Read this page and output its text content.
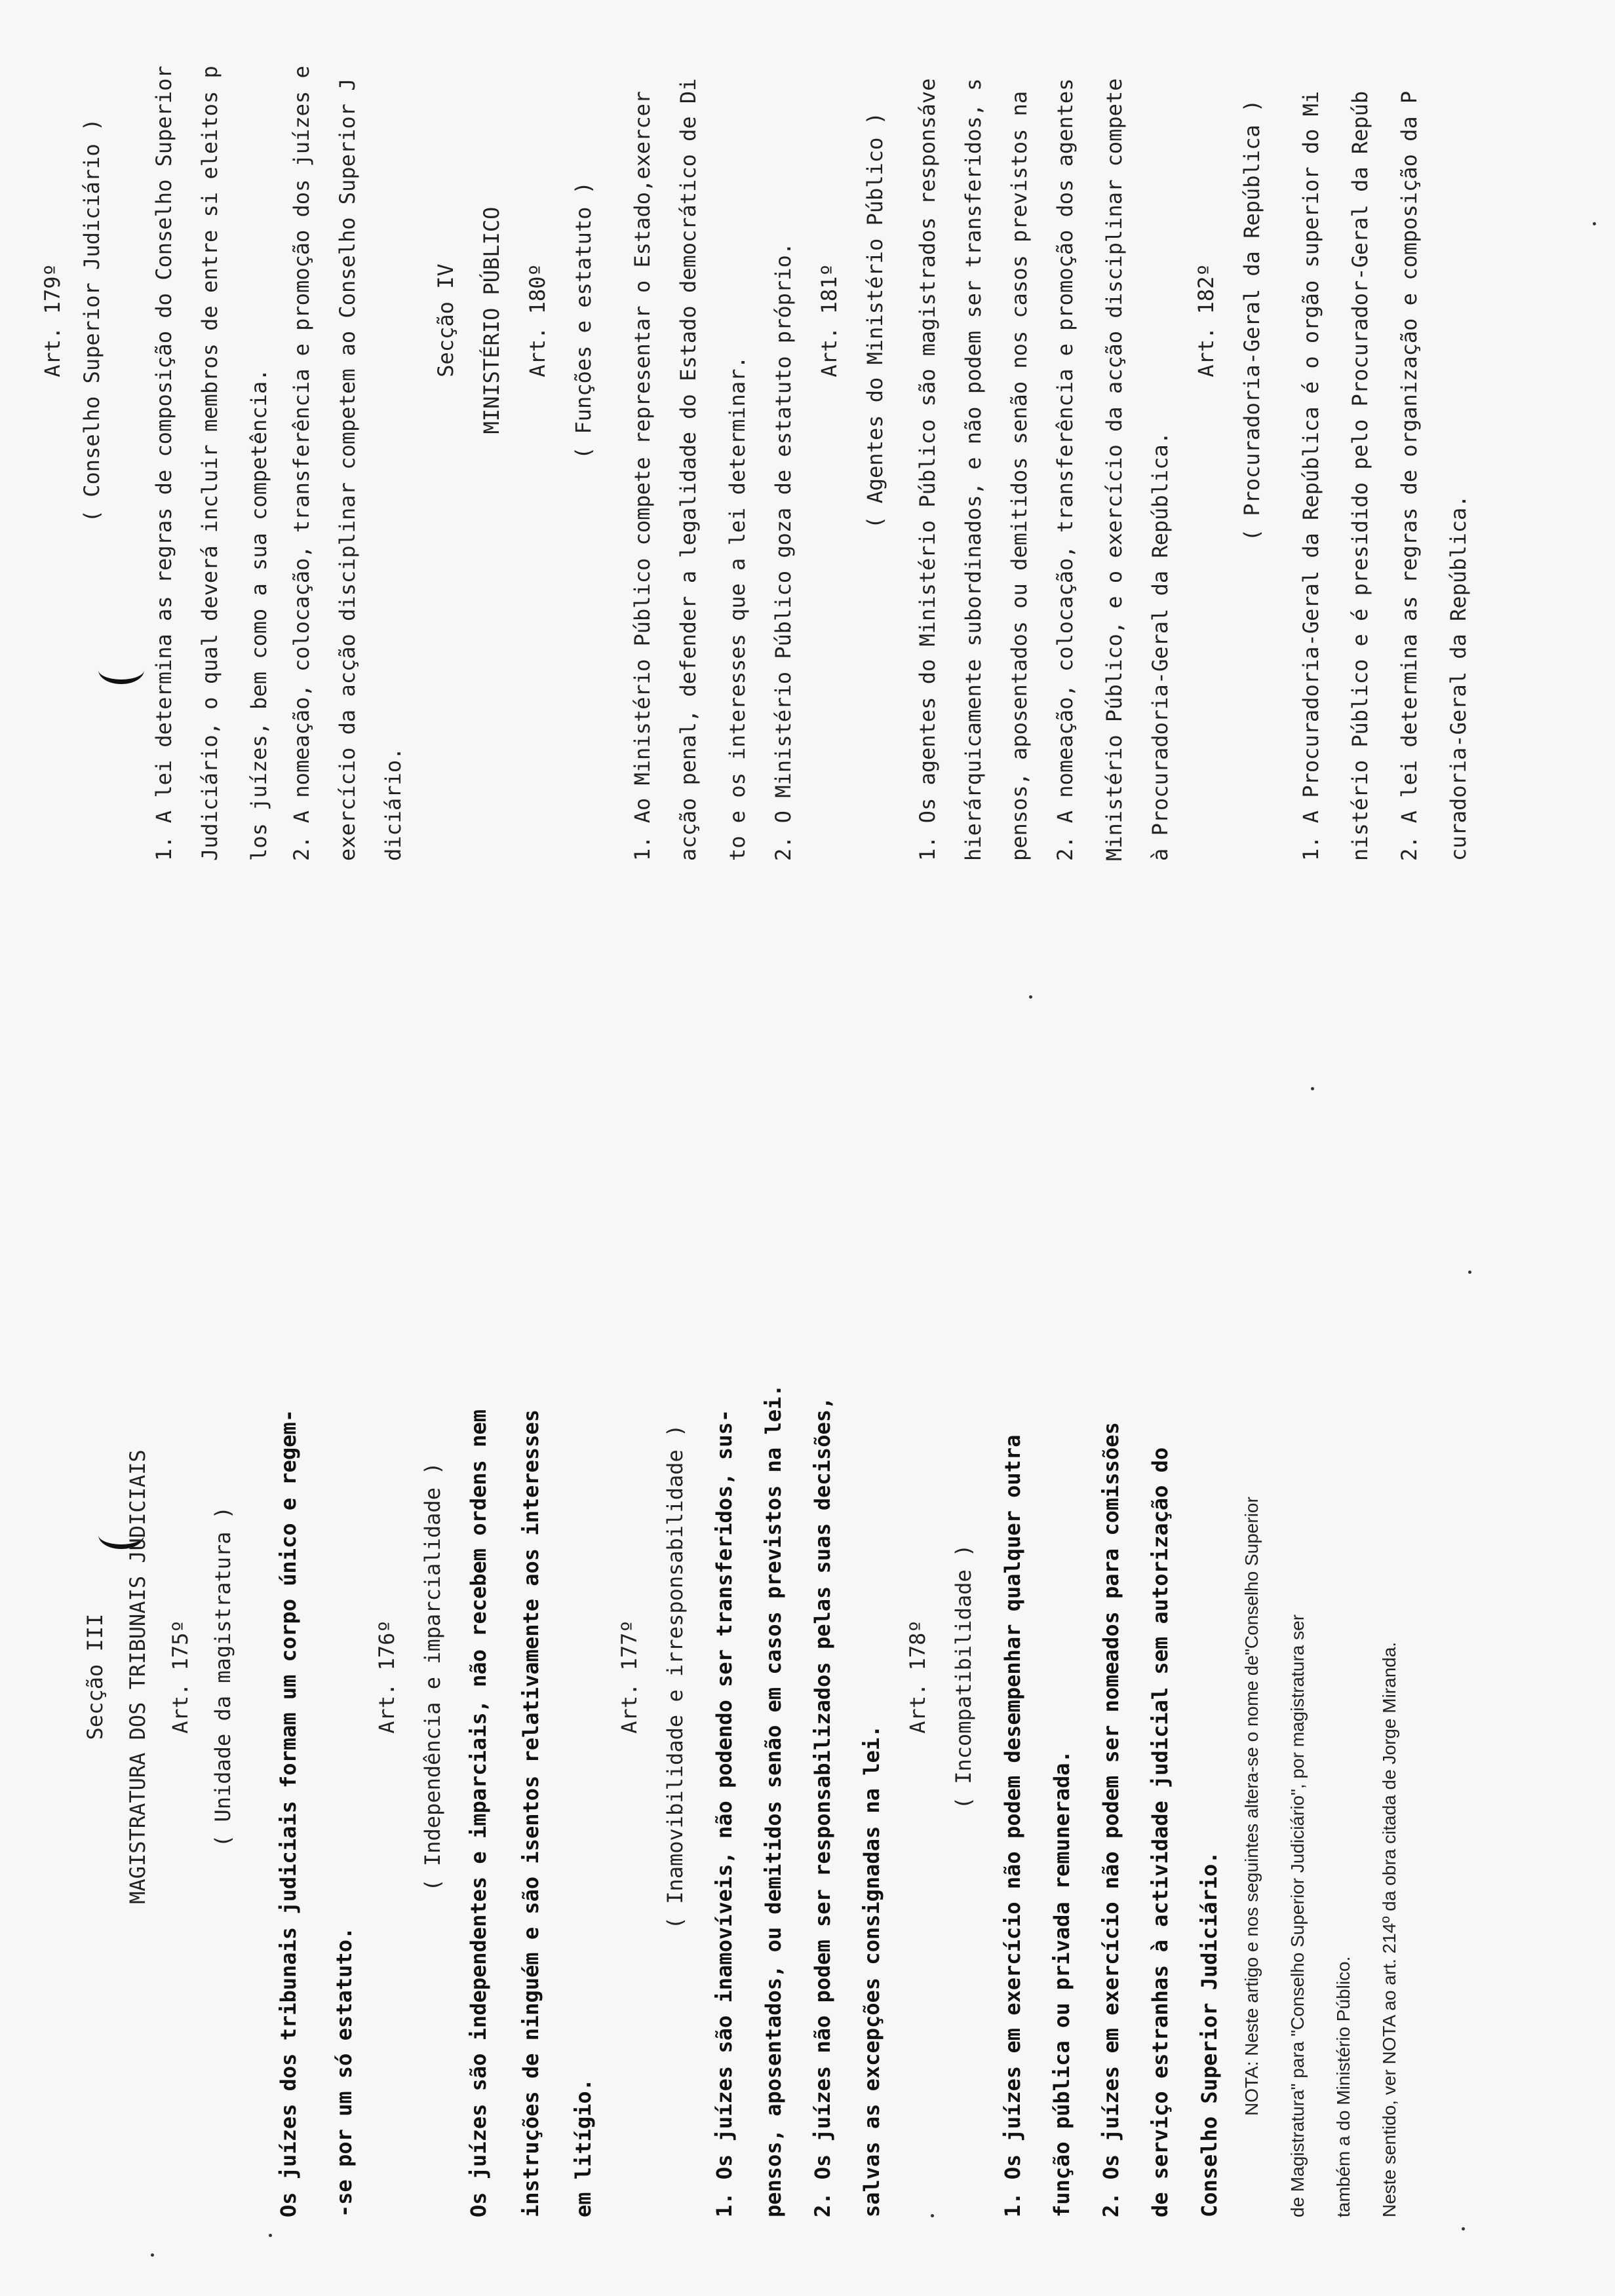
Secção III MAGISTRATURA DOS TRIBUNAIS JUDICIAIS Art. 175º ( Unidade da magistratura ) Os juízes dos tribunais judiciais formam um corpo único e regem- -se por um só estatuto.
Art. 176º ( Independência e imparcialidade ) Os juízes são independentes e imparciais, não recebem ordens nem instruções de ninguém e são isentos relativamente aos interesses em litígio.
Art. 177º ( Inamovibilidade e irresponsabilidade ) 1. Os juízes são inamovíveis, não podendo ser transferidos, sus- pensos, aposentados, ou demitidos senão em casos previstos na lei. 2. Os juízes não podem ser responsabilizados pelas suas decisões, salvas as excepções consignadas na lei.
Art. 178º ( Incompatibilidade ) 1. Os juízes em exercício não podem desempenhar qualquer outra função pública ou privada remunerada. 2. Os juízes em exercício não podem ser nomeados para comissões de serviço estranhas à actividade judicial sem autorização do Conselho Superior Judiciário. NOTA: Neste artigo e nos seguintes altera-se o nome de"Conselho Superior de Magistratura" para "Conselho Superior Judiciário", por magistratura ser também a do Ministério Público. Neste sentido, ver NOTA ao art. 214º da obra citada de Jorge Miranda.
Art. 179º ( Conselho Superior Judiciário ) 1. A lei determina as regras de composição do Conselho Superior Judiciário, o qual deverá incluir membros de entre si eleitos p los juízes, bem como a sua competência. 2. A nomeação, colocação, transferência e promoção dos juízes e exercício da acção disciplinar competem ao Conselho Superior J diciário.
Secção IV MINISTÉRIO PÚBLICO Art. 180º ( Funções e estatuto ) 1. Ao Ministério Público compete representar o Estado,exercer acção penal, defender a legalidade do Estado democrático de Di to e os interesses que a lei determinar. 2. O Ministério Público goza de estatuto próprio. Art. 181º ( Agentes do Ministério Público ) 1. Os agentes do Ministério Público são magistrados responsáve hierárquicamente subordinados, e não podem ser transferidos, s pensos, aposentados ou demitidos senão nos casos previstos na 2. A nomeação, colocação, transferência e promoção dos agentes Ministério Público, e o exercício da acção disciplinar compete à Procuradoria-Geral da República.
Art. 182º ( Procuradoria-Geral da República ) 1. A Procuradoria-Geral da República é o orgão superior do Mi nistério Público e é presidido pelo Procurador-Geral da Repúb 2. A lei determina as regras de organização e composição da P curadoria-Geral da República.
